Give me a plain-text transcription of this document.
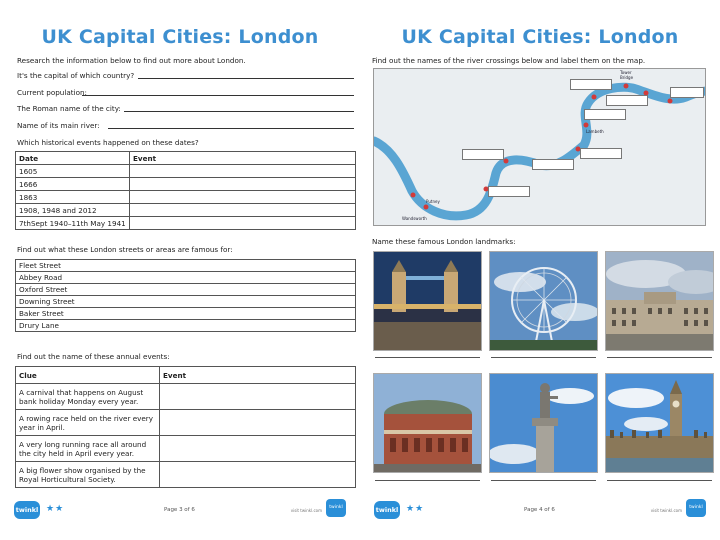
UK Capital Cities: London
Research the information below to find out more about London.
It's the capital of which country?
Current population:
The Roman name of the city:
Name of its main river:
Which historical events happened on these dates?
Date	Event
1605	
1666	
1863	
1908, 1948 and 2012	
7thSept 1940–11th May 1941	
Find out what these London streets or areas are famous for:
Fleet Street
Abbey Road
Oxford Street
Downing Street
Baker Street
Drury Lane
Find out the name of these annual events:
Clue	Event
A carnival that happens on August
bank holiday Monday every year.	
A rowing race held on the river every
year in April.	
A very long running race all around
the city held in April every year.	
A big flower show organised by the
Royal Horticultural Society.	
twinkl ★★	Page 3 of 6	visit twinkl.com
twinkl
UK Capital Cities: London
Find out the names of the river crossings below and label them on the map.
Lambeth
Putney
Wandsworth
Tower
Bridge
Name these famous London landmarks:
twinkl ★★	Page 4 of 6	visit twinkl.com
twinkl
